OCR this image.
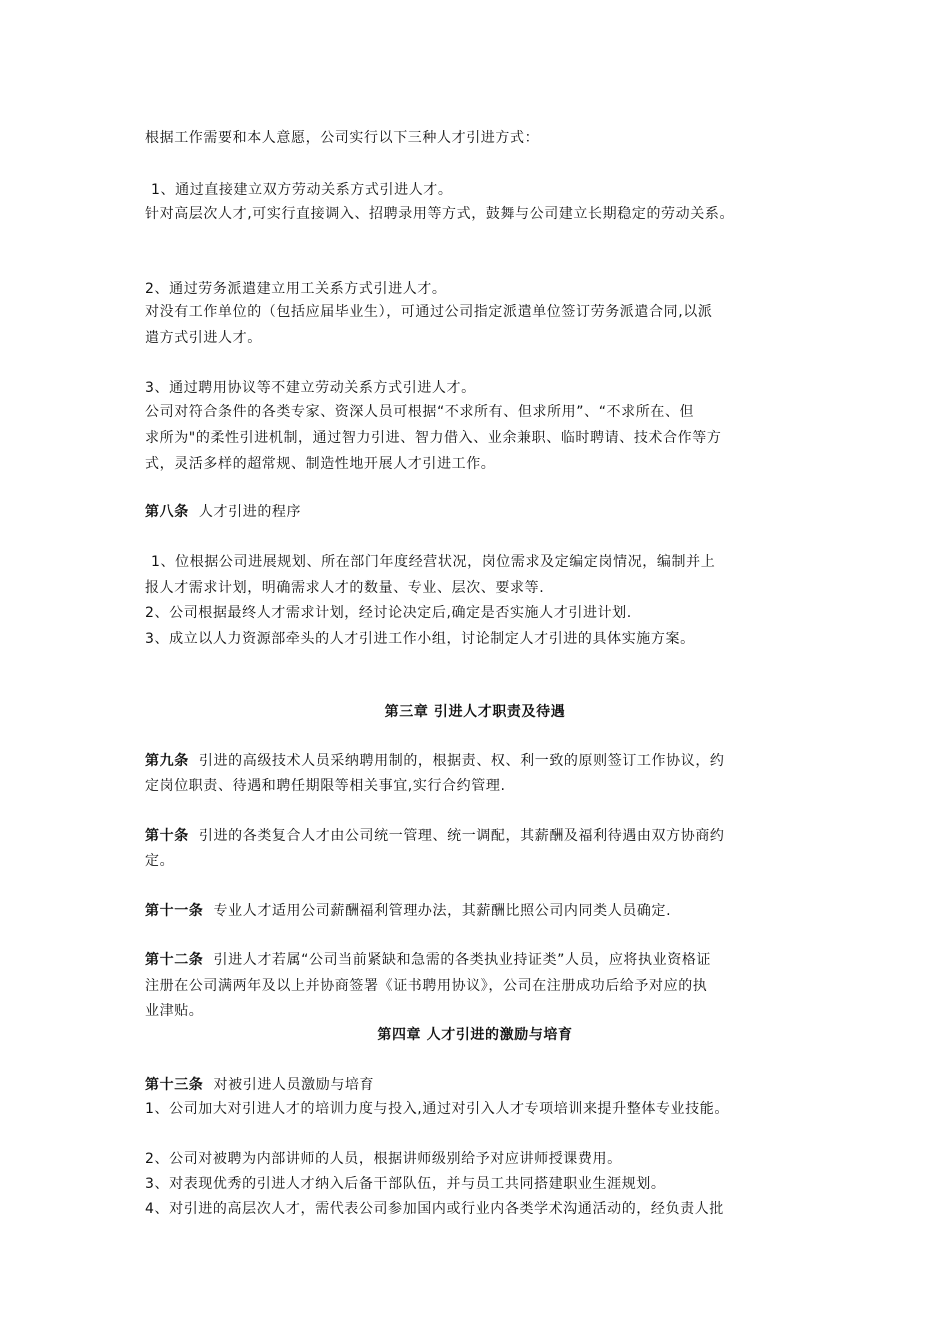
根据工作需要和本人意愿，公司实行以下三种人才引进方式：
1、通过直接建立双方劳动关系方式引进人才。
针对高层次人才,可实行直接调入、招聘录用等方式，鼓舞与公司建立长期稳定的劳动关系。
2、通过劳务派遣建立用工关系方式引进人才。
对没有工作单位的（包括应届毕业生），可通过公司指定派遣单位签订劳务派遣合同,以派
遣方式引进人才。
3、通过聘用协议等不建立劳动关系方式引进人才。
公司对符合条件的各类专家、资深人员可根据“不求所有、但求所用”、“不求所在、但
求所为"的柔性引进机制，通过智力引进、智力借入、业余兼职、临时聘请、技术合作等方
式，灵活多样的超常规、制造性地开展人才引进工作。
第八条 人才引进的程序
1、位根据公司进展规划、所在部门年度经营状况，岗位需求及定编定岗情况，编制并上
报人才需求计划，明确需求人才的数量、专业、层次、要求等.
2、公司根据最终人才需求计划，经讨论决定后,确定是否实施人才引进计划.
3、成立以人力资源部牵头的人才引进工作小组，讨论制定人才引进的具体实施方案。
第三章 引进人才职责及待遇
第九条 引进的高级技术人员采纳聘用制的，根据责、权、利一致的原则签订工作协议，约
定岗位职责、待遇和聘任期限等相关事宜,实行合约管理.
第十条 引进的各类复合人才由公司统一管理、统一调配，其薪酬及福利待遇由双方协商约
定。
第十一条 专业人才适用公司薪酬福利管理办法，其薪酬比照公司内同类人员确定.
第十二条 引进人才若属“公司当前紧缺和急需的各类执业持证类”人员，应将执业资格证
注册在公司满两年及以上并协商签署《证书聘用协议》，公司在注册成功后给予对应的执
业津贴。
第四章 人才引进的激励与培育
第十三条 对被引进人员激励与培育
1、公司加大对引进人才的培训力度与投入,通过对引入人才专项培训来提升整体专业技能。
2、公司对被聘为内部讲师的人员，根据讲师级别给予对应讲师授课费用。
3、对表现优秀的引进人才纳入后备干部队伍，并与员工共同搭建职业生涯规划。
4、对引进的高层次人才，需代表公司参加国内或行业内各类学术沟通活动的，经负责人批
